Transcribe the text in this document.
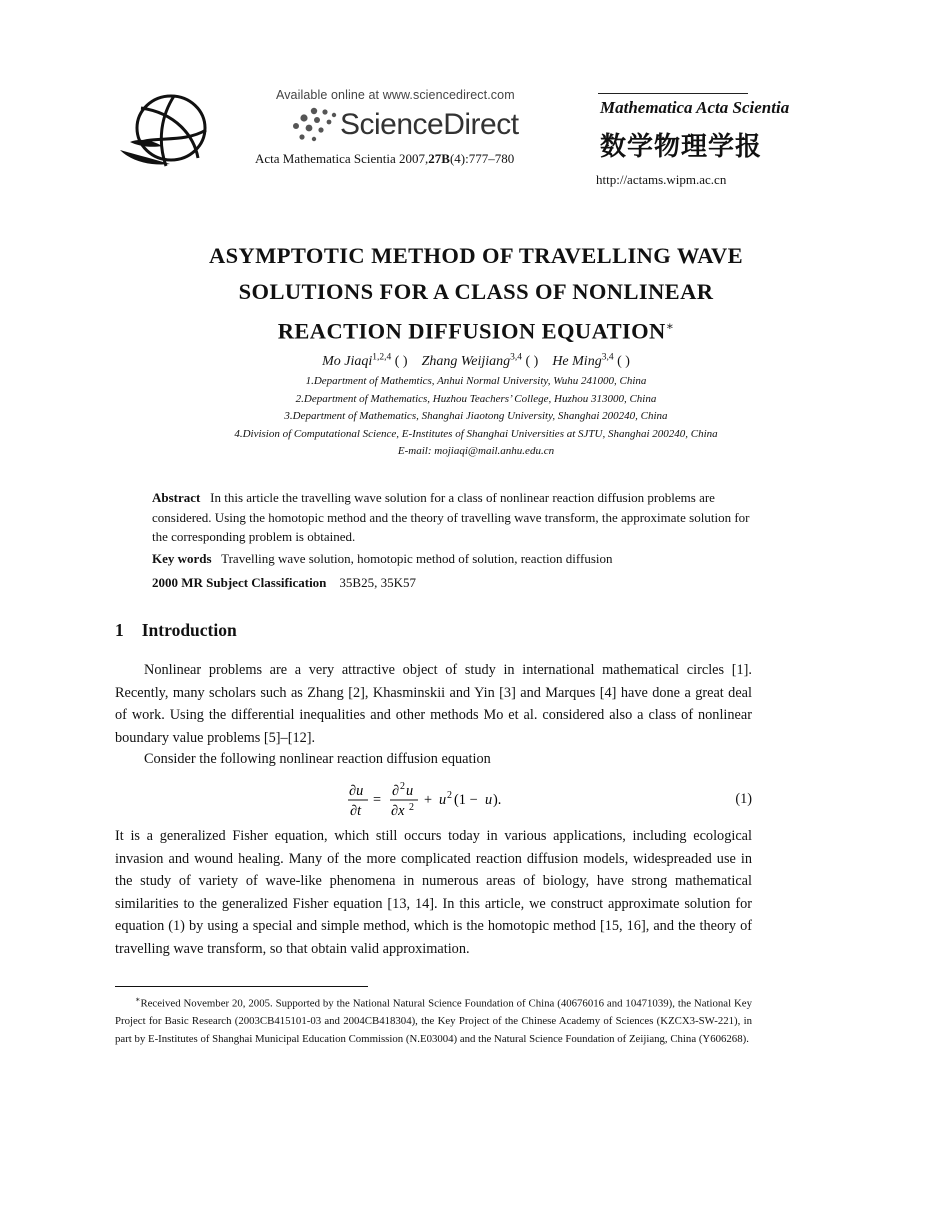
Available online at www.sciencedirect.com
ScienceDirect
Acta Mathematica Scientia 2007,27B(4):777–780
Mathematica Acta Scientia
数学物理学报
http://actams.wipm.ac.cn
ASYMPTOTIC METHOD OF TRAVELLING WAVE
SOLUTIONS FOR A CLASS OF NONLINEAR
REACTION DIFFUSION EQUATION∗
Mo Jiaqi$^{1,2,4}$ ( ) Zhang Weijiang$^{3,4}$ ( ) He Ming$^{3,4}$ ( )
1.Department of Mathemtics, Anhui Normal University, Wuhu 241000, China
2.Department of Mathematics, Huzhou Teachers’ College, Huzhou 313000, China
3.Department of Mathematics, Shanghai Jiaotong University, Shanghai 200240, China
4.Division of Computational Science, E-Institutes of Shanghai Universities at SJTU, Shanghai 200240, China
E-mail: mojiaqi@mail.anhu.edu.cn
Abstract In this article the travelling wave solution for a class of nonlinear reaction diffusion problems are considered. Using the homotopic method and the theory of travelling wave transform, the approximate solution for the corresponding problem is obtained.
Key words Travelling wave solution, homotopic method of solution, reaction diffusion
2000 MR Subject Classification 35B25, 35K57
1 Introduction
Nonlinear problems are a very attractive object of study in international mathematical circles [1]. Recently, many scholars such as Zhang [2], Khasminskii and Yin [3] and Marques [4] have done a great deal of work. Using the differential inequalities and other methods Mo et al. considered also a class of nonlinear boundary value problems [5]–[12].
Consider the following nonlinear reaction diffusion equation
∂u
∂t
=
∂ 2 u
∂x 2 + u 2 (1 − u ).	(1)
It is a generalized Fisher equation, which still occurs today in various applications, including ecological invasion and wound healing. Many of the more complicated reaction diffusion models, widespreaded use in the study of variety of wave-like phenomena in numerous areas of biology, have strong mathematical similarities to the generalized Fisher equation [13, 14]. In this article, we construct approximate solution for equation (1) by using a special and simple method, which is the homotopic method [15, 16], and the theory of travelling wave transform, so that obtain valid approximation.
∗Received November 20, 2005. Supported by the National Natural Science Foundation of China (40676016 and 10471039), the National Key Project for Basic Research (2003CB415101-03 and 2004CB418304), the Key Project of the Chinese Academy of Sciences (KZCX3-SW-221), in part by E-Institutes of Shanghai Municipal Education Commission (N.E03004) and the Natural Science Foundation of Zeijiang, China (Y606268).
